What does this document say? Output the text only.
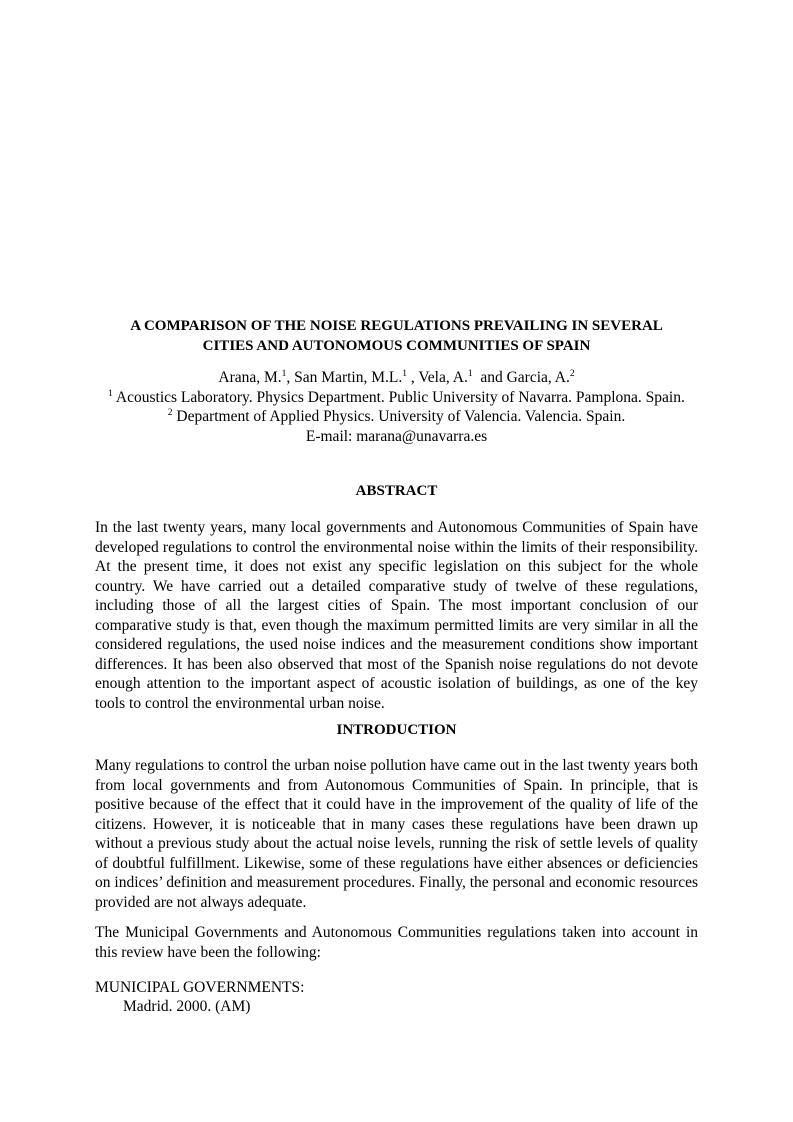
A COMPARISON OF THE NOISE REGULATIONS PREVAILING IN SEVERAL
CITIES AND AUTONOMOUS COMMUNITIES OF SPAIN
Arana, M.$^1$, San Martin, M.L.$^1$ , Vela, A.$^1$  and Garcia, A.$^2$
$^1$ Acoustics Laboratory. Physics Department. Public University of Navarra. Pamplona. Spain.
$^2$ Department of Applied Physics. University of Valencia. Valencia. Spain.
E-mail: marana@unavarra.es
ABSTRACT

In the last twenty years, many local governments and Autonomous Communities of Spain have developed regulations to control the environmental noise within the limits of their responsibility. At the present time, it does not exist any specific legislation on this subject for the whole country. We have carried out a detailed comparative study of twelve of these regulations, including those of all the largest cities of Spain. The most important conclusion of our comparative study is that, even though the maximum permitted limits are very similar in all the considered regulations, the used noise indices and the measurement conditions show important differences. It has been also observed that most of the Spanish noise regulations do not devote enough attention to the important aspect of acoustic isolation of buildings, as one of the key tools to control the environmental urban noise.

INTRODUCTION

Many regulations to control the urban noise pollution have came out in the last twenty years both from local governments and from Autonomous Communities of Spain. In principle, that is positive because of the effect that it could have in the improvement of the quality of life of the citizens. However, it is noticeable that in many cases these regulations have been drawn up without a previous study about the actual noise levels, running the risk of settle levels of quality of doubtful fulfillment. Likewise, some of these regulations have either absences or deficiencies on indices’ definition and measurement procedures. Finally, the personal and economic resources provided are not always adequate.

The Municipal Governments and Autonomous Communities regulations taken into account in this review have been the following:

MUNICIPAL GOVERNMENTS:
Madrid. 2000. (AM)
